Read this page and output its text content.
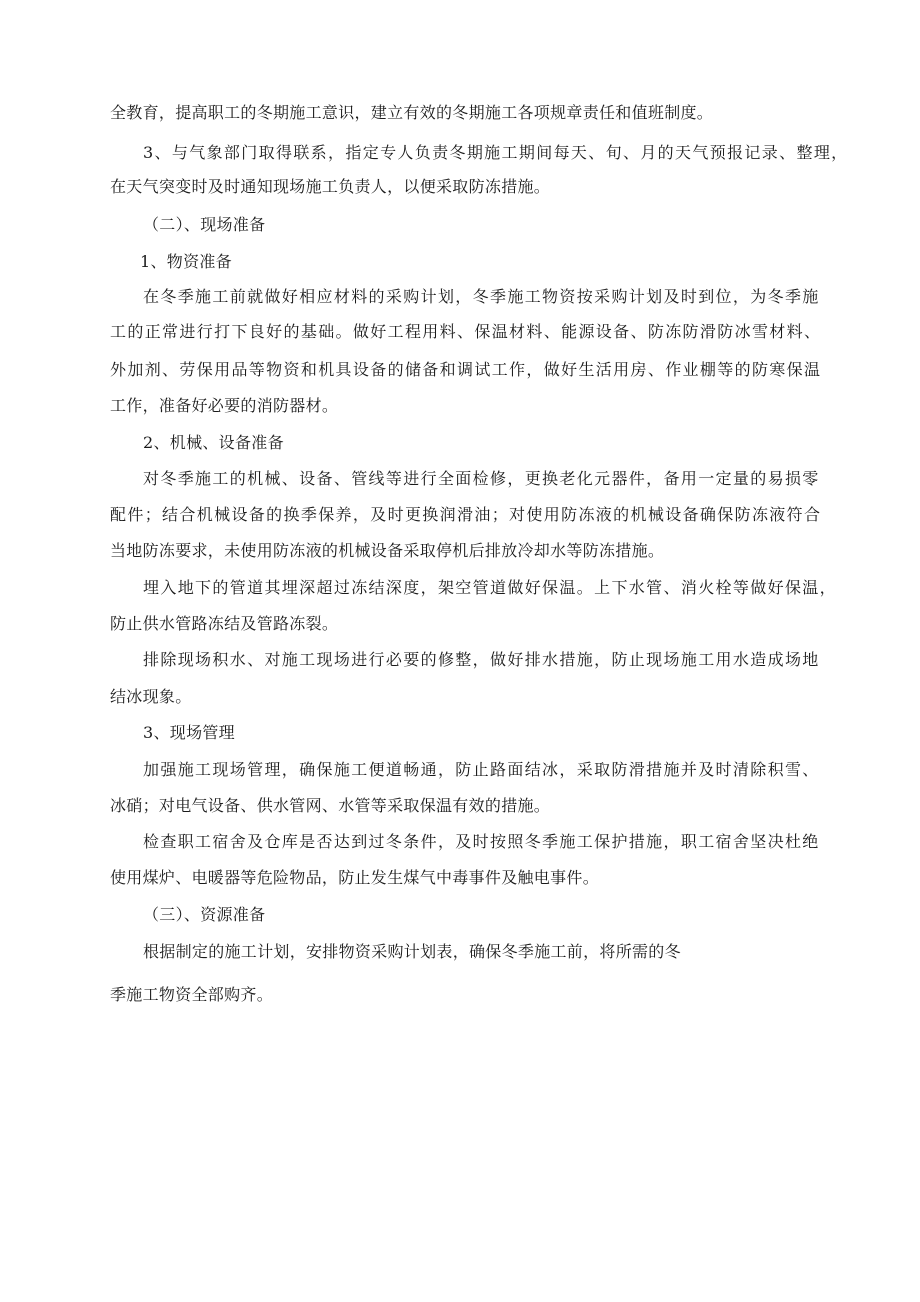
全教育，提高职工的冬期施工意识，建立有效的冬期施工各项规章责任和值班制度。
3、与气象部门取得联系，指定专人负责冬期施工期间每天、旬、月的天气预报记录、整理，
在天气突变时及时通知现场施工负责人，以便采取防冻措施。
（二）、现场准备
1、物资准备
在冬季施工前就做好相应材料的采购计划，冬季施工物资按采购计划及时到位，为冬季施
工的正常进行打下良好的基础。做好工程用料、保温材料、能源设备、防冻防滑防冰雪材料、
外加剂、劳保用品等物资和机具设备的储备和调试工作，做好生活用房、作业棚等的防寒保温
工作，准备好必要的消防器材。
2、机械、设备准备
对冬季施工的机械、设备、管线等进行全面检修，更换老化元器件，备用一定量的易损零
配件；结合机械设备的换季保养，及时更换润滑油；对使用防冻液的机械设备确保防冻液符合
当地防冻要求，未使用防冻液的机械设备采取停机后排放冷却水等防冻措施。
埋入地下的管道其埋深超过冻结深度，架空管道做好保温。上下水管、消火栓等做好保温，
防止供水管路冻结及管路冻裂。
排除现场积水、对施工现场进行必要的修整，做好排水措施，防止现场施工用水造成场地
结冰现象。
3、现场管理
加强施工现场管理，确保施工便道畅通，防止路面结冰，采取防滑措施并及时清除积雪、
冰硝；对电气设备、供水管网、水管等采取保温有效的措施。
检查职工宿舍及仓库是否达到过冬条件，及时按照冬季施工保护措施，职工宿舍坚决杜绝
使用煤炉、电暖器等危险物品，防止发生煤气中毒事件及触电事件。
（三）、资源准备
根据制定的施工计划，安排物资采购计划表，确保冬季施工前，将所需的冬
季施工物资全部购齐。
